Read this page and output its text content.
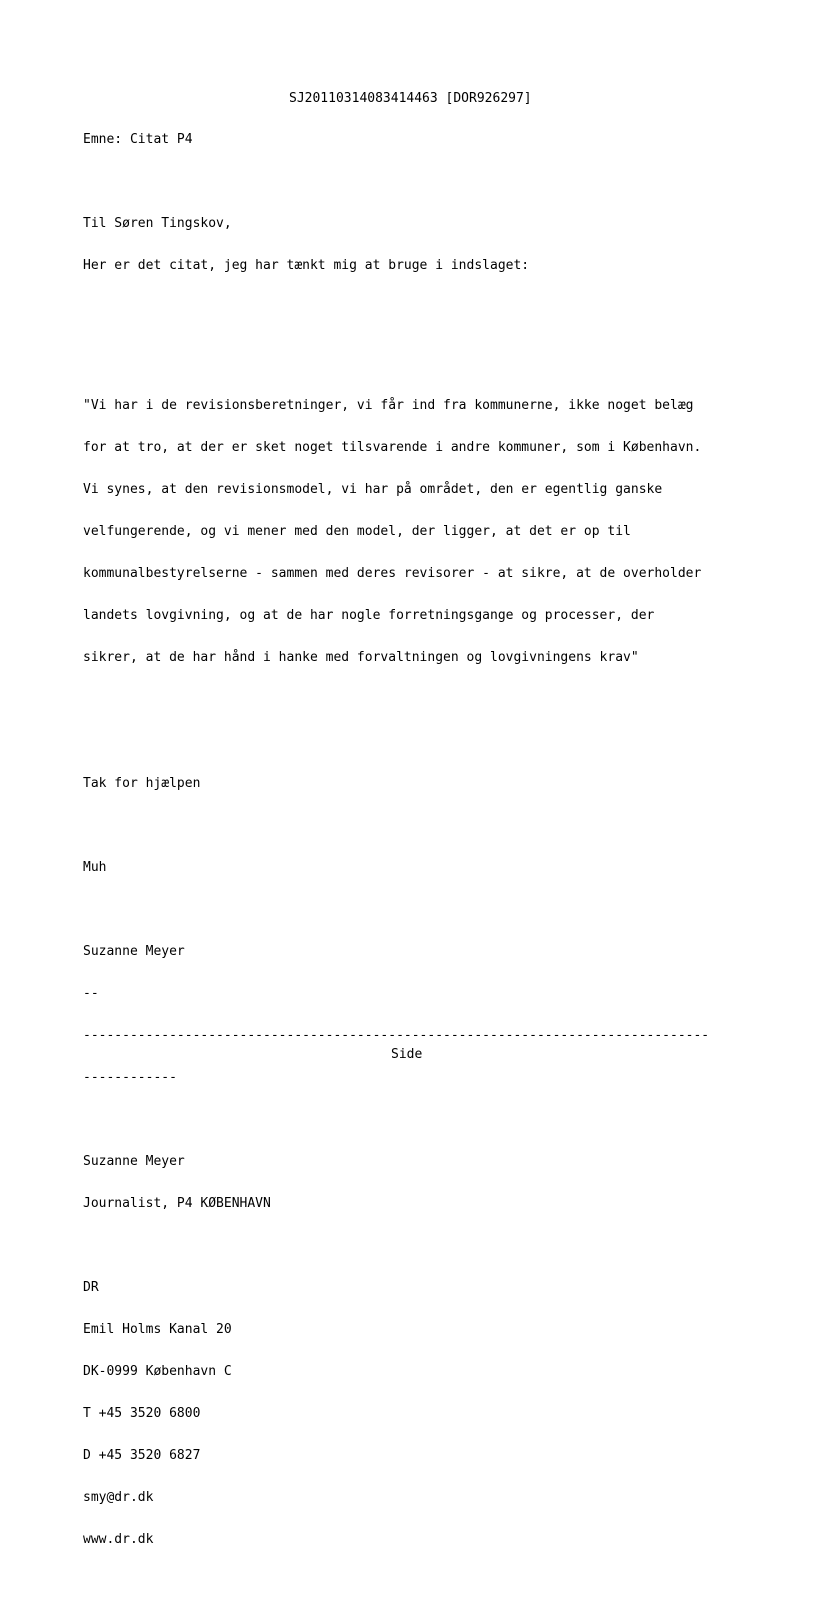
SJ20110314083414463 [DOR926297]

Emne: Citat P4

Til Søren Tingskov,

Her er det citat, jeg har tænkt mig at bruge i indslaget:

"Vi har i de revisionsberetninger, vi får ind fra kommunerne, ikke noget belæg

for at tro, at der er sket noget tilsvarende i andre kommuner, som i København.

Vi synes, at den revisionsmodel, vi har på området, den er egentlig ganske

velfungerende, og vi mener med den model, der ligger, at det er op til

kommunalbestyrelserne - sammen med deres revisorer - at sikre, at de overholder

landets lovgivning, og at de har nogle forretningsgange og processer, der

sikrer, at de har hånd i hanke med forvaltningen og lovgivningens krav"

Tak for hjælpen

Muh

Suzanne Meyer

--

--------------------------------------------------------------------------------

------------

Suzanne Meyer

Journalist, P4 KØBENHAVN

DR

Emil Holms Kanal 20

DK-0999 København C

T +45 3520 6800

D +45 3520 6827

smy@dr.dk

www.dr.dk

Side
